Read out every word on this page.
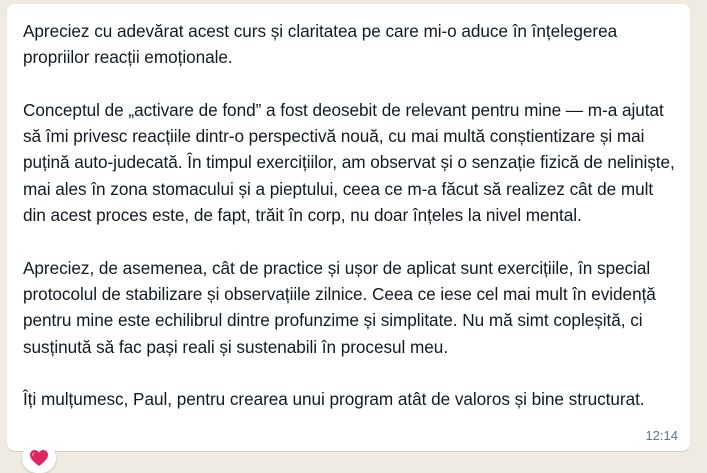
Apreciez cu adevărat acest curs și claritatea pe care mi-o aduce în înțelegerea propriilor reacții emoționale.

Conceptul de „activare de fond” a fost deosebit de relevant pentru mine — m-a ajutat să îmi privesc reacțiile dintr-o perspectivă nouă, cu mai multă conștientizare și mai puțină auto-judecată. În timpul exercițiilor, am observat și o senzație fizică de neliniște, mai ales în zona stomacului și a pieptului, ceea ce m-a făcut să realizez cât de mult din acest proces este, de fapt, trăit în corp, nu doar înțeles la nivel mental.

Apreciez, de asemenea, cât de practice și ușor de aplicat sunt exercițiile, în special protocolul de stabilizare și observațiile zilnice. Ceea ce iese cel mai mult în evidență pentru mine este echilibrul dintre profunzime și simplitate. Nu mă simt copleșită, ci susținută să fac pași reali și sustenabili în procesul meu.

Îți mulțumesc, Paul, pentru crearea unui program atât de valoros și bine structurat.

12:14
